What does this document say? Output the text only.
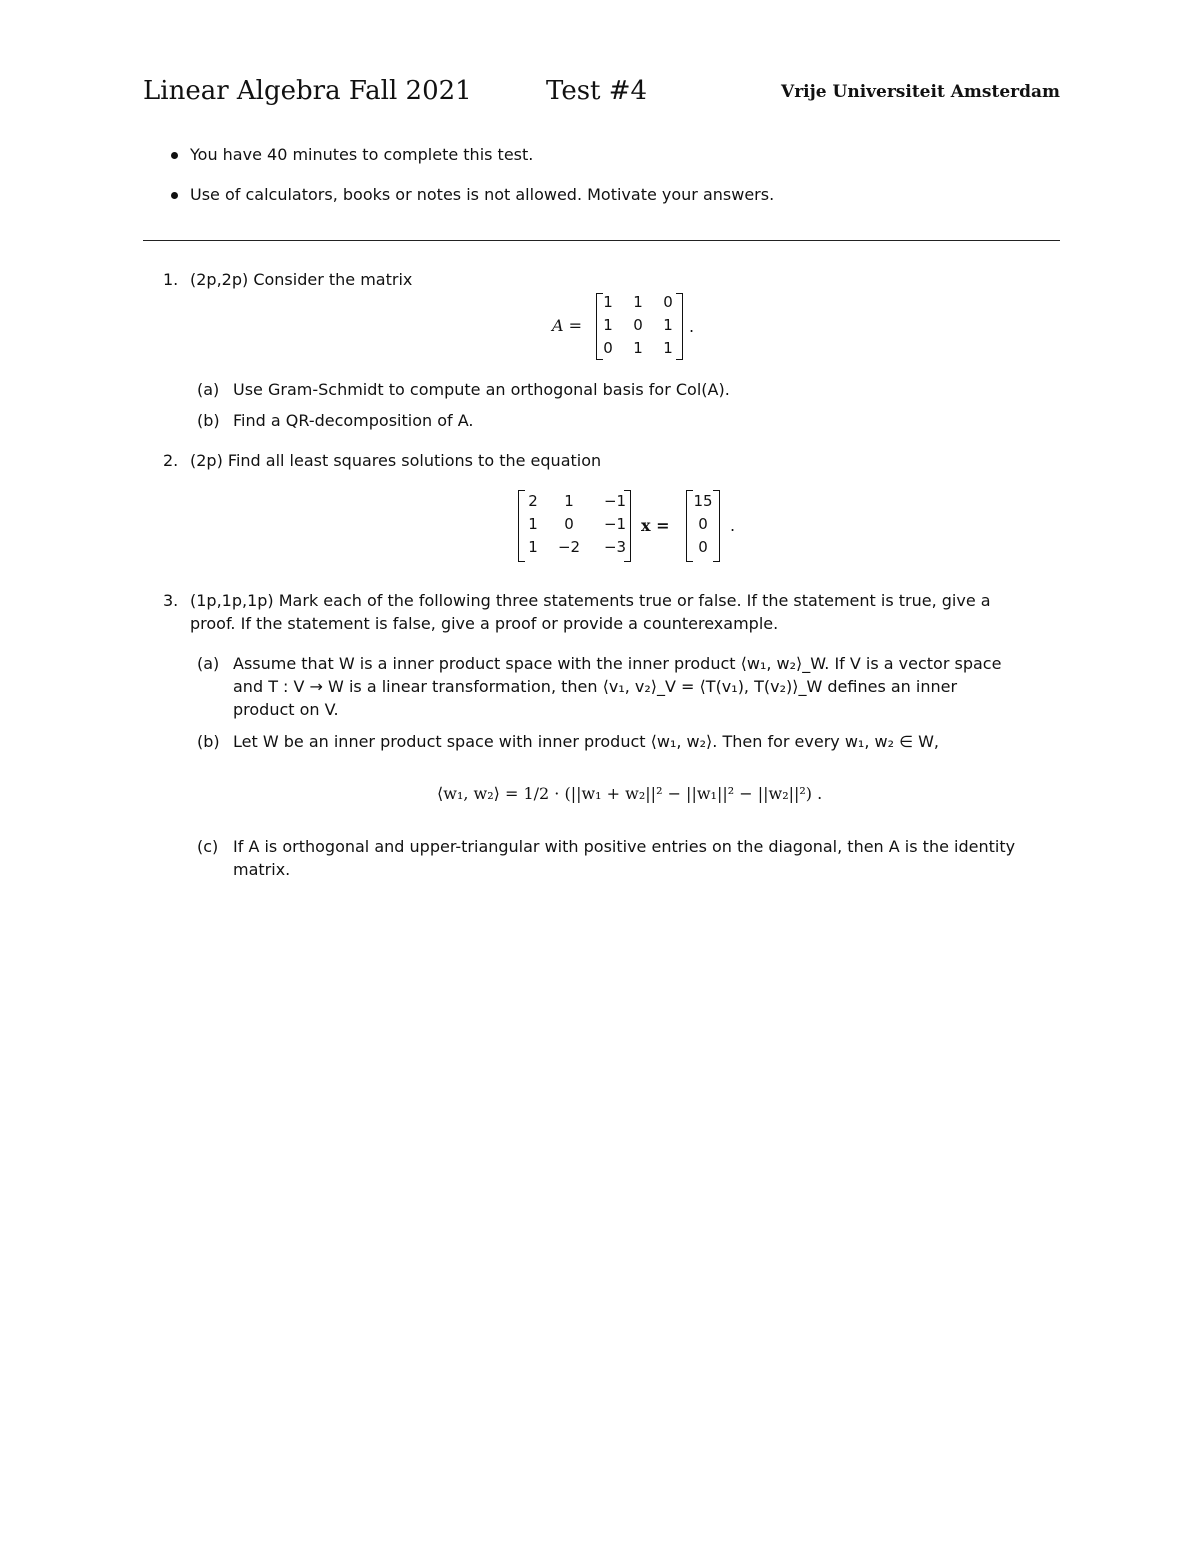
Linear Algebra Fall 2021	Test #4	Vrije Universiteit Amsterdam
You have 40 minutes to complete this test.
Use of calculators, books or notes is not allowed. Motivate your answers.
1. (2p,2p) Consider the matrix
A =
1	1	0
1	0	1
0	1	1
.
(a) Use Gram-Schmidt to compute an orthogonal basis for Col(A).
(b) Find a QR-decomposition of A.
2. (2p) Find all least squares solutions to the equation
2	1	−1
1	0	−1
1	−2 −3
x =
15
0
0
.
3. (1p,1p,1p) Mark each of the following three statements true or false. If the statement is true, give a
proof. If the statement is false, give a proof or provide a counterexample.
(a) Assume that W is a inner product space with the inner product ⟨w₁, w₂⟩_W. If V is a vector space
and T : V → W is a linear transformation, then ⟨v₁, v₂⟩_V = ⟨T(v₁), T(v₂)⟩_W defines an inner
product on V.
(b) Let W be an inner product space with inner product ⟨w₁, w₂⟩. Then for every w₁, w₂ ∈ W,
⟨w₁, w₂⟩ = 1/2 · (||w₁ + w₂||² − ||w₁||² − ||w₂||²) .
(c) If A is orthogonal and upper-triangular with positive entries on the diagonal, then A is the identity
matrix.
